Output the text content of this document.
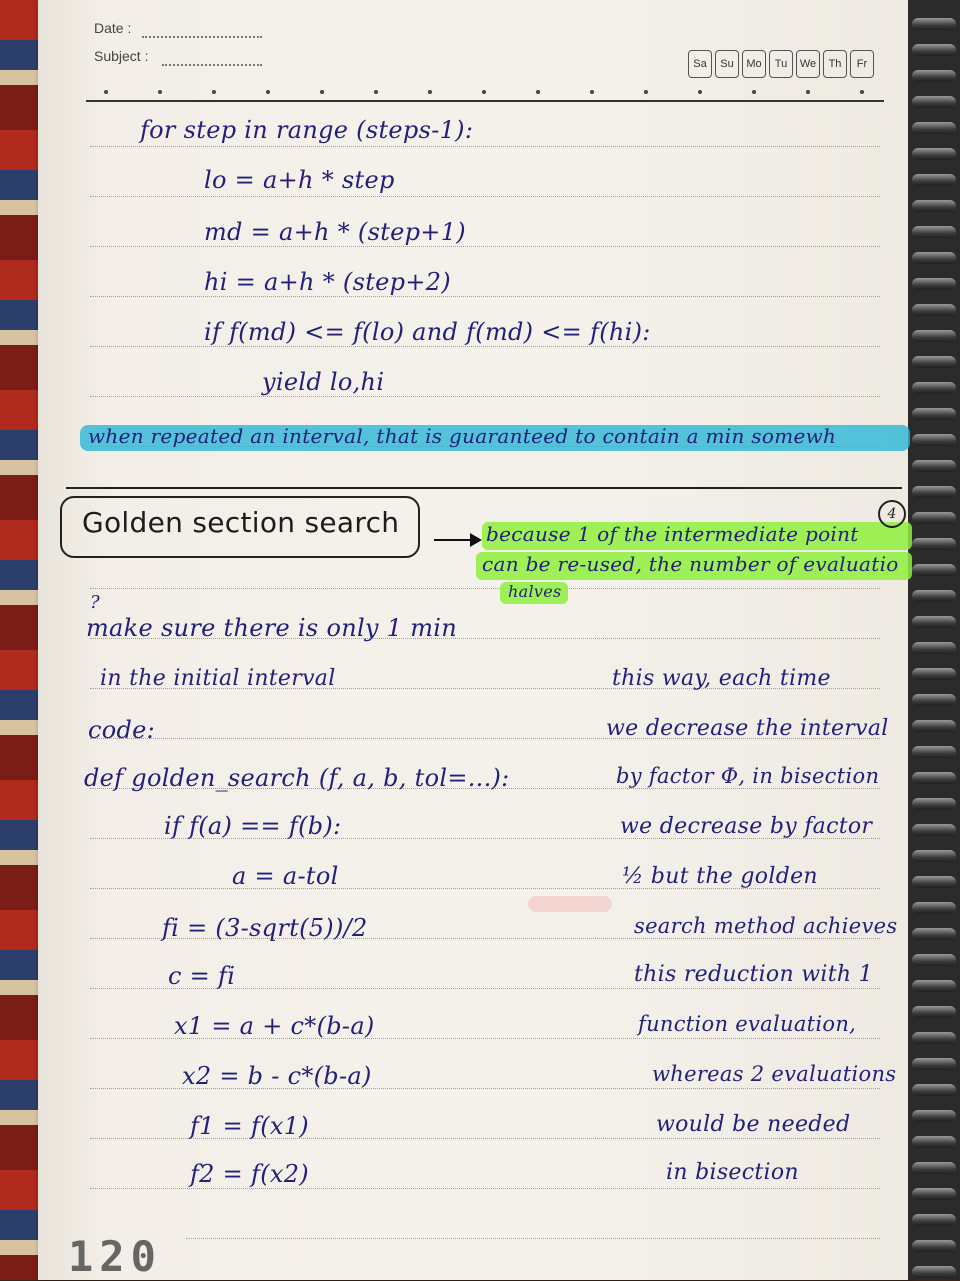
Date :
Subject :	Sa	Su	Mo	Tu	We	Th	Fr
for step in range (steps-1):
lo = a+h * step
md = a+h * (step+1)
hi = a+h * (step+2)
if f(md) <= f(lo) and f(md) <= f(hi):
yield lo,hi
when repeated an interval, that is guaranteed to contain a min somewh
Golden section search	4
because 1 of the intermediate point
can be re-used, the number of evaluatio
halves
?
make sure there is only 1 min
in the initial interval
code:
def golden_search (f, a, b, tol=...):
if f(a) == f(b):
a = a-tol
fi = (3-sqrt(5))/2
c = fi
x1 = a + c*(b-a)
x2 = b - c*(b-a)
f1 = f(x1)
f2 = f(x2)
this way, each time
we decrease the interval
by factor Φ, in bisection
we decrease by factor
½ but the golden
search method achieves
this reduction with 1
function evaluation,
whereas 2 evaluations
would be needed
in bisection
120
